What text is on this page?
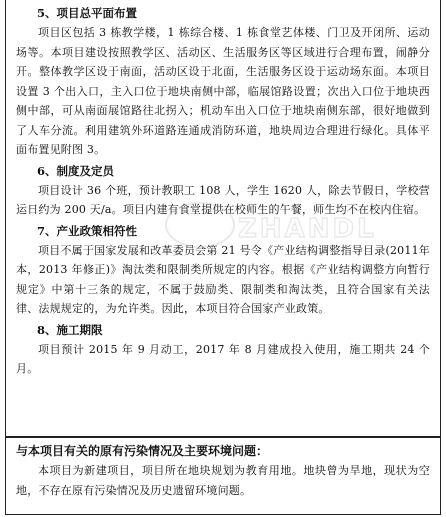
5、项目总平面布置

项目区包括 3 栋教学楼，1 栋综合楼、1 栋食堂艺体楼、门卫及开闭所、运动场等。本项目建设按照教学区、活动区、生活服务区等区域进行合理布置，闹静分开。整体教学区设于南面，活动区设于北面，生活服务区设于运动场东面。本项目设置 3 个出入口，主入口位于地块南侧中部，临展馆路设置；次出入口位于地块西侧中部，可从南面展馆路往北拐入；机动车出入口位于地块南侧东部，很好地做到了人车分流。利用建筑外环道路连通成消防环道，地块周边合理进行绿化。具体平面布置见附图 3。

6、制度及定员

项目设计 36 个班，预计教职工 108 人，学生 1620 人，除去节假日，学校营运日约为 200 天/a。项目内建有食堂提供在校师生的午餐，师生均不在校内住宿。

7、产业政策相符性

项目不属于国家发展和改革委员会第 21 号令《产业结构调整指导目录(2011年本，2013 年修正)》淘汰类和限制类所规定的内容。根据《产业结构调整方向暂行规定》中第十三条的规定，不属于鼓励类、限制类和淘汰类，且符合国家有关法律、法规规定的，为允许类。因此，本项目符合国家产业政策。

8、施工期限

项目预计 2015 年 9 月动工，2017 年 8 月建成投入使用，施工期共 24 个月。

与本项目有关的原有污染情况及主要环境问题：

本项目为新建项目，项目所在地块规划为教育用地。地块曾为旱地，现状为空地，不存在原有污染情况及历史遗留环境问题。

ZHANDL
